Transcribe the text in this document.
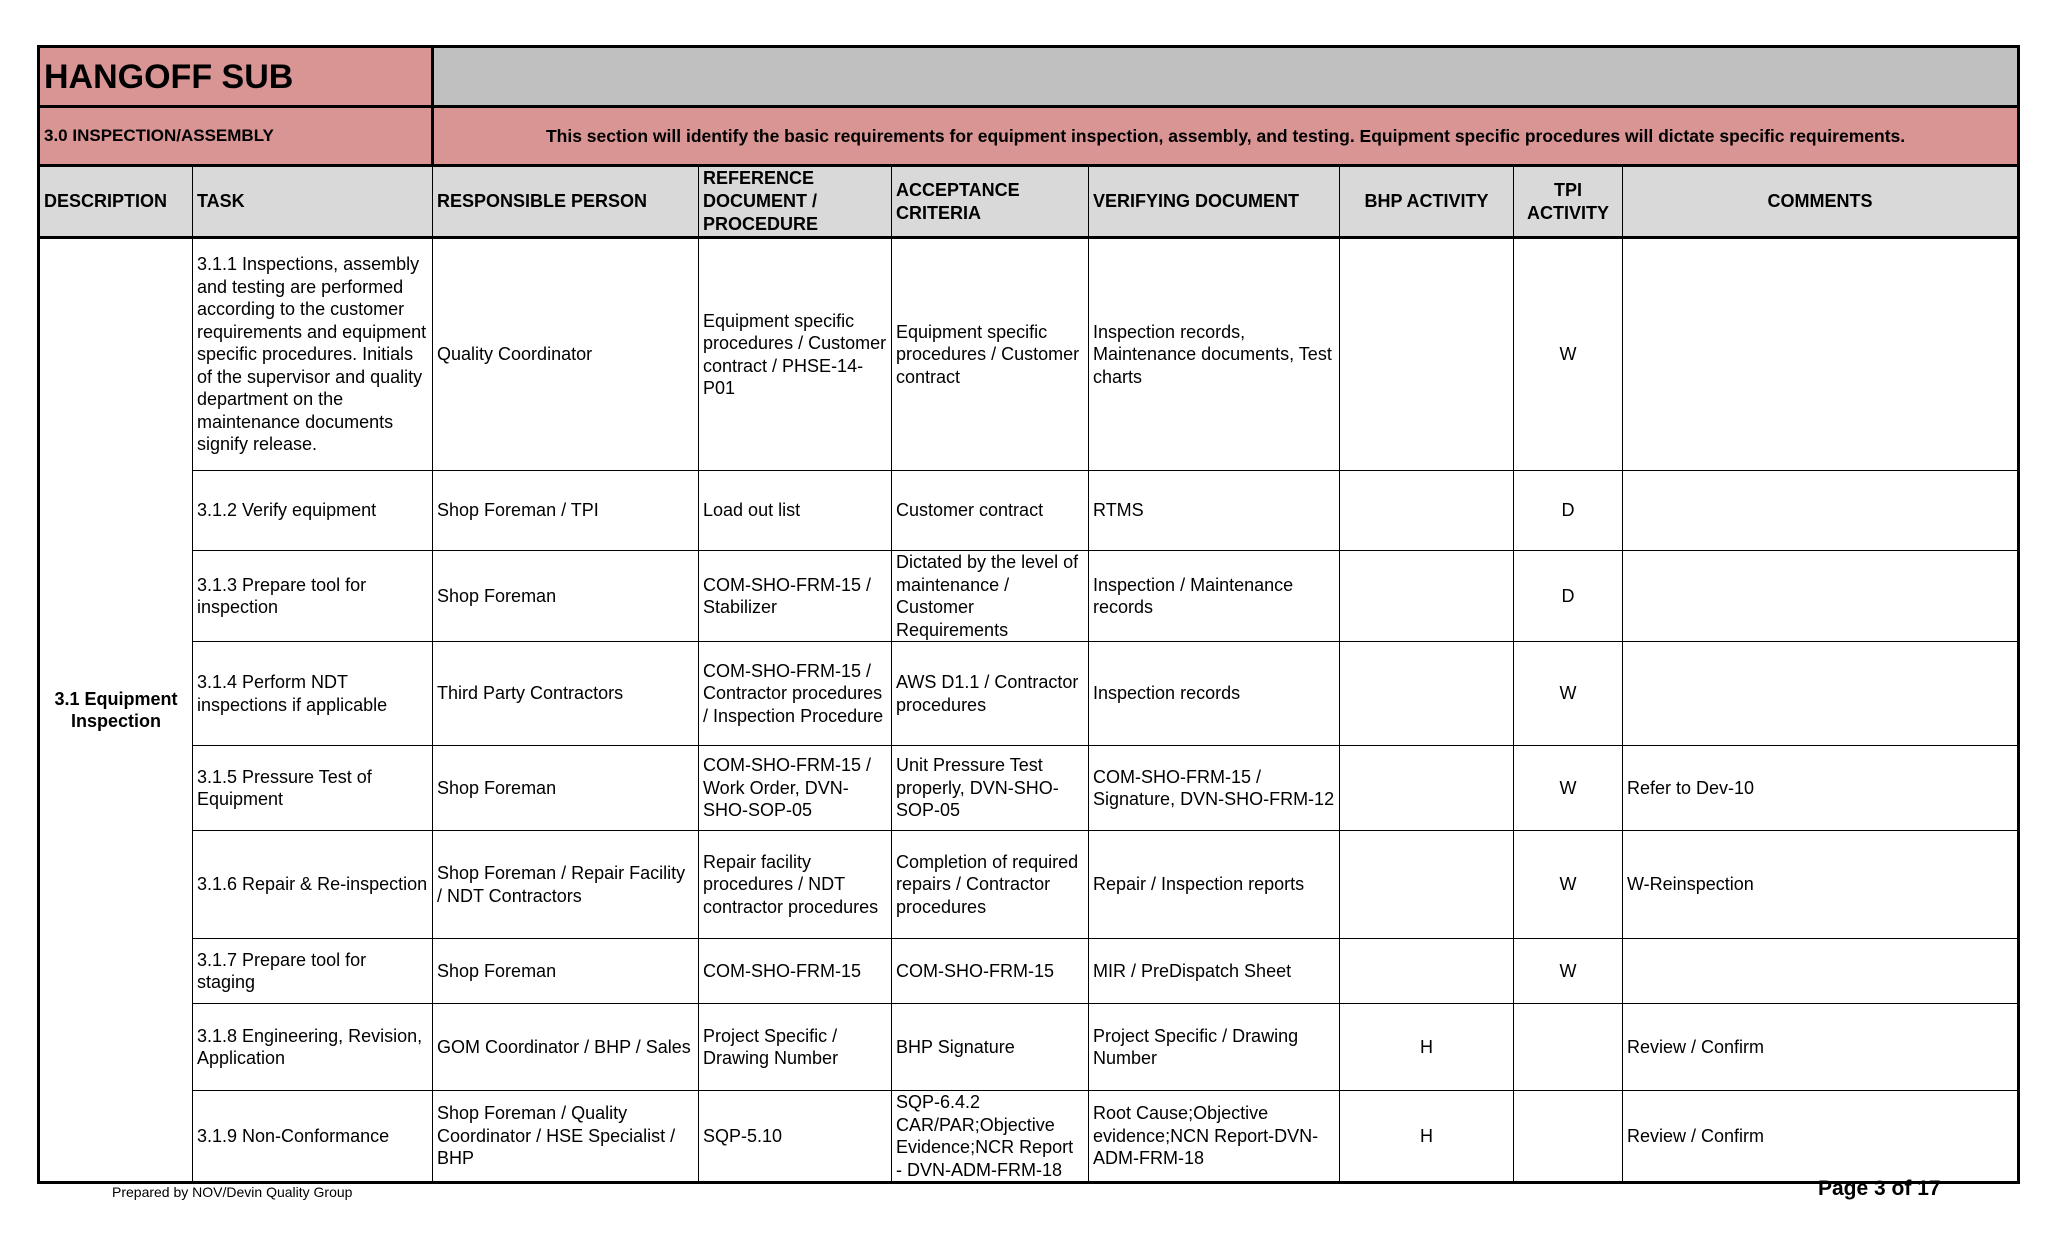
HANGOFF SUB								
3.0 INSPECTION/ASSEMBLY		This section will identify the basic requirements for equipment inspection, assembly, and testing. Equipment specific procedures will dictate specific requirements.						
DESCRIPTION	TASK	RESPONSIBLE PERSON	REFERENCE DOCUMENT / PROCEDURE	ACCEPTANCE CRITERIA	VERIFYING DOCUMENT	BHP ACTIVITY	TPI ACTIVITY	COMMENTS
3.1 Equipment Inspection	3.1.1 Inspections, assembly and testing are performed according to the customer requirements and equipment specific procedures. Initials of the supervisor and quality department on the maintenance documents signify release.	Quality Coordinator	Equipment specific procedures / Customer contract / PHSE-14-P01	Equipment specific procedures / Customer contract	Inspection records, Maintenance documents, Test charts		W	
	3.1.2 Verify equipment	Shop Foreman / TPI	Load out list	Customer contract	RTMS		D	
	3.1.3 Prepare tool for inspection	Shop Foreman	COM-SHO-FRM-15 / Stabilizer	Dictated by the level of maintenance / Customer Requirements	Inspection / Maintenance records		D	
	3.1.4 Perform NDT inspections if applicable	Third Party Contractors	COM-SHO-FRM-15 / Contractor procedures / Inspection Procedure	AWS D1.1 / Contractor procedures	Inspection records		W	
	3.1.5 Pressure Test of Equipment	Shop Foreman	COM-SHO-FRM-15 / Work Order, DVN-SHO-SOP-05	Unit Pressure Test properly, DVN-SHO-SOP-05	COM-SHO-FRM-15 / Signature, DVN-SHO-FRM-12		W	Refer to Dev-10
	3.1.6 Repair & Re-inspection	Shop Foreman / Repair Facility / NDT Contractors	Repair facility procedures / NDT contractor procedures	Completion of required repairs / Contractor procedures	Repair / Inspection reports		W	W-Reinspection
	3.1.7 Prepare tool for staging	Shop Foreman	COM-SHO-FRM-15	COM-SHO-FRM-15	MIR / PreDispatch Sheet		W	
	3.1.8 Engineering, Revision, Application	GOM Coordinator / BHP / Sales	Project Specific / Drawing Number	BHP Signature	Project Specific / Drawing Number	H		Review / Confirm
	3.1.9 Non-Conformance	Shop Foreman / Quality Coordinator / HSE Specialist / BHP	SQP-5.10	SQP-6.4.2 CAR/PAR;Objective Evidence;NCR Report - DVN-ADM-FRM-18	Root Cause;Objective evidence;NCN Report-DVN-ADM-FRM-18	H		Review / Confirm
Prepared by NOV/Devin Quality Group	Page 3 of 17
